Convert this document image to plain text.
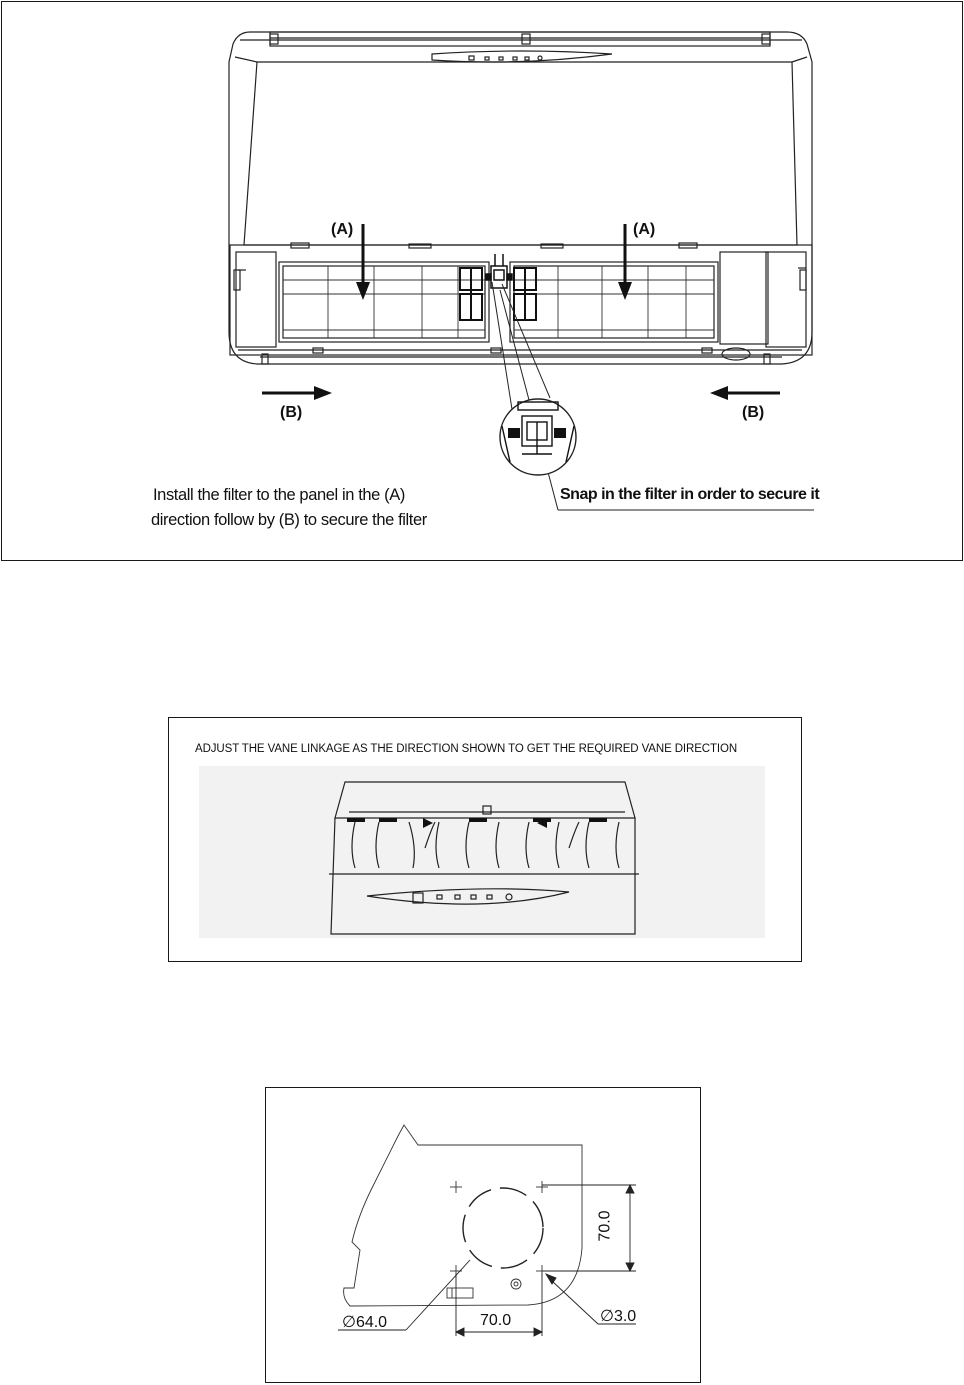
(A)	(A)
(B)	(B)
Install the filter to the panel in the (A)
direction follow by (B) to secure the filter
Snap in the filter in order to secure it
ADJUST THE VANE LINKAGE AS THE DIRECTION SHOWN TO GET THE REQUIRED VANE DIRECTION
70.0
70.0
∅64.0	∅3.0
